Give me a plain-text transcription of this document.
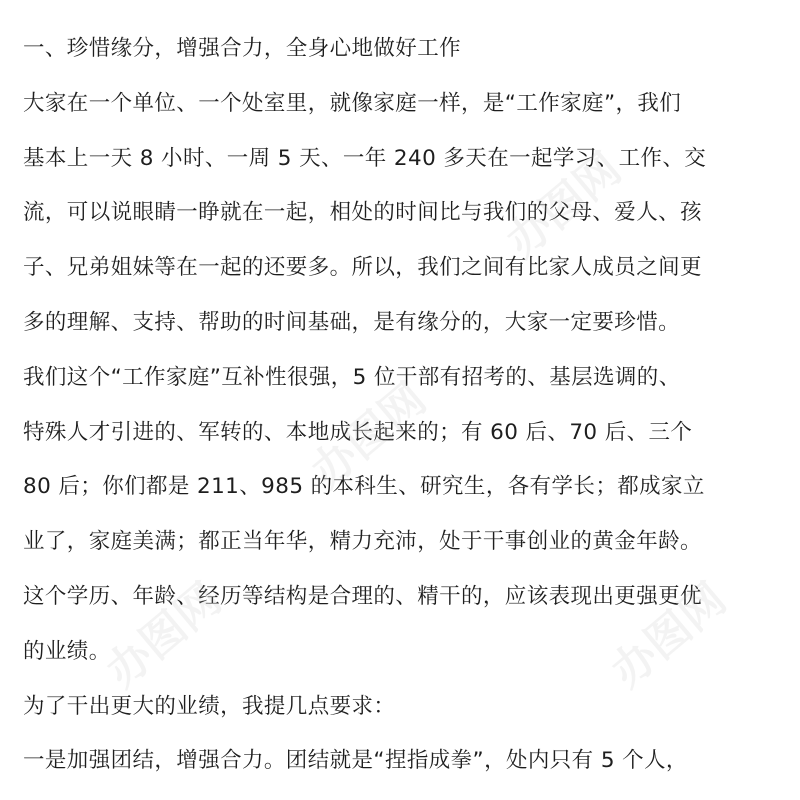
一、珍惜缘分，增强合力，全身心地做好工作
大家在一个单位、一个处室里，就像家庭一样，是“工作家庭”，我们
基本上一天 8 小时、一周 5 天、一年 240 多天在一起学习、工作、交
流，可以说眼睛一睁就在一起，相处的时间比与我们的父母、爱人、孩
子、兄弟姐妹等在一起的还要多。所以，我们之间有比家人成员之间更
多的理解、支持、帮助的时间基础，是有缘分的，大家一定要珍惜。
我们这个“工作家庭”互补性很强，5 位干部有招考的、基层选调的、
特殊人才引进的、军转的、本地成长起来的；有 60 后、70 后、三个
80 后；你们都是 211、985 的本科生、研究生，各有学长；都成家立
业了，家庭美满；都正当年华，精力充沛，处于干事创业的黄金年龄。
这个学历、年龄、经历等结构是合理的、精干的，应该表现出更强更优
的业绩。
为了干出更大的业绩，我提几点要求：
一是加强团结，增强合力。团结就是“捏指成拳”，处内只有 5 个人，
办图网
办图网
办图网	办图网
